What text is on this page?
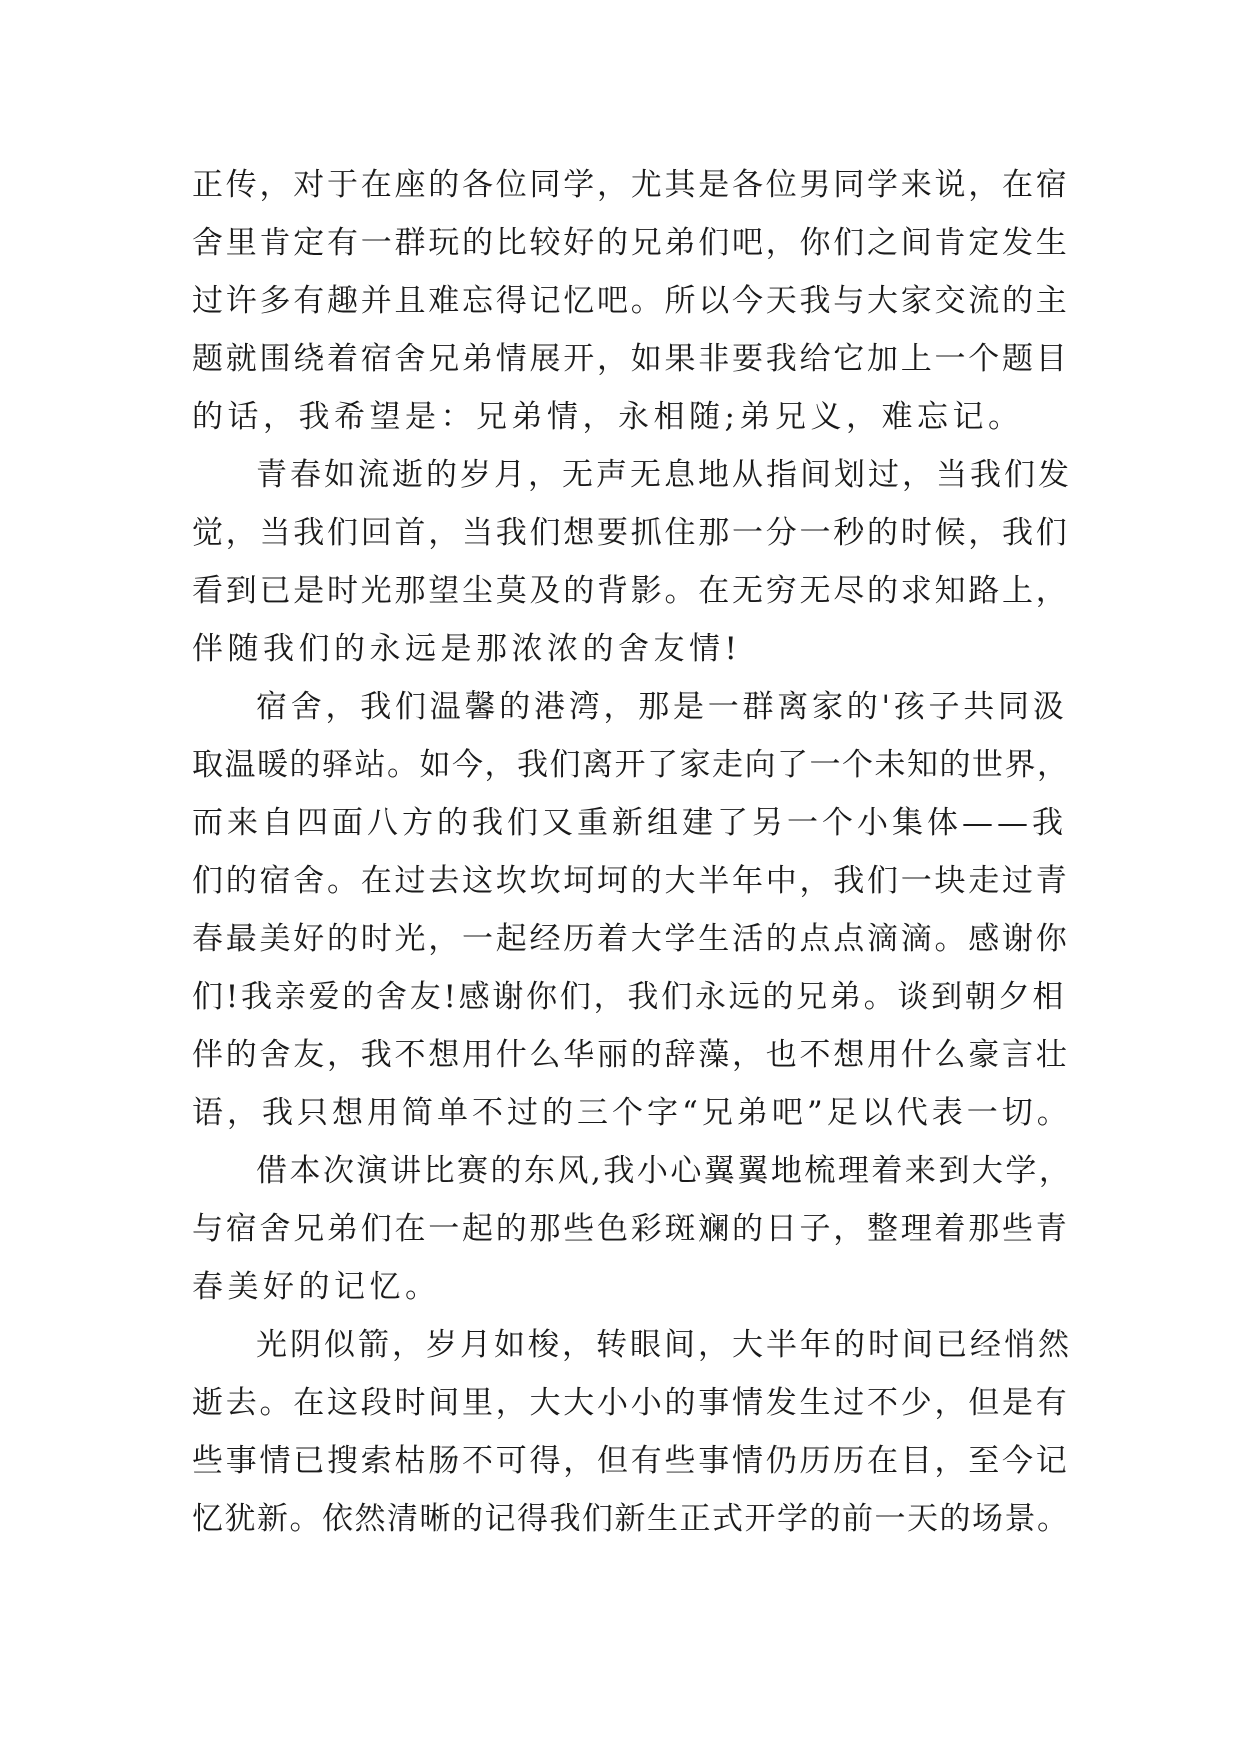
正传，对于在座的各位同学，尤其是各位男同学来说，在宿
舍里肯定有一群玩的比较好的兄弟们吧，你们之间肯定发生
过许多有趣并且难忘得记忆吧。所以今天我与大家交流的主
题就围绕着宿舍兄弟情展开，如果非要我给它加上一个题目
的话，我希望是：兄弟情，永相随;弟兄义，难忘记。
青春如流逝的岁月，无声无息地从指间划过，当我们发
觉，当我们回首，当我们想要抓住那一分一秒的时候，我们
看到已是时光那望尘莫及的背影。在无穷无尽的求知路上，
伴随我们的永远是那浓浓的舍友情!
宿舍，我们温馨的港湾，那是一群离家的'孩子共同汲
取温暖的驿站。如今，我们离开了家走向了一个未知的世界，
而来自四面八方的我们又重新组建了另一个小集体——我
们的宿舍。在过去这坎坎坷坷的大半年中，我们一块走过青
春最美好的时光，一起经历着大学生活的点点滴滴。感谢你
们!我亲爱的舍友!感谢你们，我们永远的兄弟。谈到朝夕相
伴的舍友，我不想用什么华丽的辞藻，也不想用什么豪言壮
语，我只想用简单不过的三个字“兄弟吧”足以代表一切。
借本次演讲比赛的东风,我小心翼翼地梳理着来到大学，
与宿舍兄弟们在一起的那些色彩斑斓的日子，整理着那些青
春美好的记忆。
光阴似箭，岁月如梭，转眼间，大半年的时间已经悄然
逝去。在这段时间里，大大小小的事情发生过不少，但是有
些事情已搜索枯肠不可得，但有些事情仍历历在目，至今记
忆犹新。依然清晰的记得我们新生正式开学的前一天的场景。
